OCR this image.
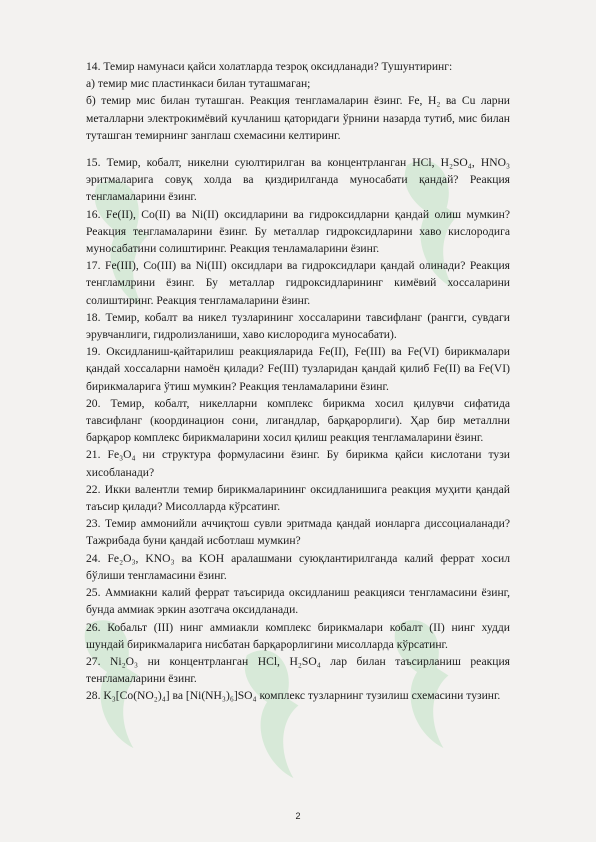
14. Темир намунаси қайси холатларда тезроқ оксидланади? Тушунтиринг:
а) темир мис пластинкаси билан туташмаган;
б) темир мис билан туташган. Реакция тенгламаларин ёзинг. Fe, H₂ ва Cu ларни металларни электрокимёвий кучланиш қаторидаги ўрнини назарда тутиб, мис билан туташган темирнинг занглаш схемасини келтиринг.

15. Темир, кобалт, никелни суюлтирилган ва концентрланган HCl, H₂SO₄, HNO₃ эритмаларига совуқ холда ва қиздирилганда муносабати қандай? Реакция тенгламаларини ёзинг.

16. Fe(II), Co(II) ва Ni(II) оксидларини ва гидроксидларни қандай олиш мумкин? Реакция тенгламаларини ёзинг. Бу металлар гидроксидларини хаво кислородига муносабатини солиштиринг. Реакция тенламаларини ёзинг.

17. Fe(III), Co(III) ва Ni(III) оксидлари ва гидроксидлари қандай олинади? Реакция тенгламлрини ёзинг. Бу металлар гидроксидларининг кимёвий хоссаларини солиштиринг. Реакция тенгламаларини ёзинг.

18. Темир, кобалт ва никел тузларининг хоссаларини тавсифланг (рангги, сувдаги эрувчанлиги, гидролизланиши, хаво кислородига муносабати).

19. Оксидланиш-қайтарилиш реакцияларида Fe(II), Fe(III) ва Fe(VI) бирикмалари қандай хоссаларни намоён қилади? Fe(III) тузларидан қандай қилиб Fe(II) ва Fe(VI) бирикмаларига ўтиш мумкин? Реакция тенламаларини ёзинг.

20. Темир, кобалт, никелларни комплекс бирикма хосил қилувчи сифатида тавсифланг (координацион сони, лигандлар, барқарорлиги). Ҳар бир металлни барқарор комплекс бирикмаларини хосил қилиш реакция тенгламаларини ёзинг.

21. Fe₃O₄ ни структура формуласини ёзинг. Бу бирикма қайси кислотани тузи хисобланади?

22. Икки валентли темир бирикмаларининг оксидланишига реакция муҳити қандай таъсир қилади? Мисолларда кўрсатинг.

23. Темир аммонийли аччиқтош сувли эритмада қандай ионларга диссоциаланади? Тажрибада буни қандай исботлаш мумкин?

24. Fe₂O₃, KNO₃ ва KOH аралашмани суюқлантирилганда калий феррат хосил бўлиши тенгламасини ёзинг.

25. Аммиакни калий феррат таъсирида оксидланиш реакцияси тенгламасини ёзинг, бунда аммиак эркин азотгача оксидланади.

26. Кобальт (III) нинг аммиакли комплекс бирикмалари кобалт (II) нинг худди шундай бирикмаларига нисбатан барқарорлигини мисолларда кўрсатинг.

27. Ni₂O₃ ни концентрланган HCl, H₂SO₄ лар билан таъсирланиш реакция тенгламаларини ёзинг.

28. K₃[Co(NO₂)₄] ва [Ni(NH₃)₆]SO₄ комплекс тузларнинг тузилиш схемасини тузинг.

2
